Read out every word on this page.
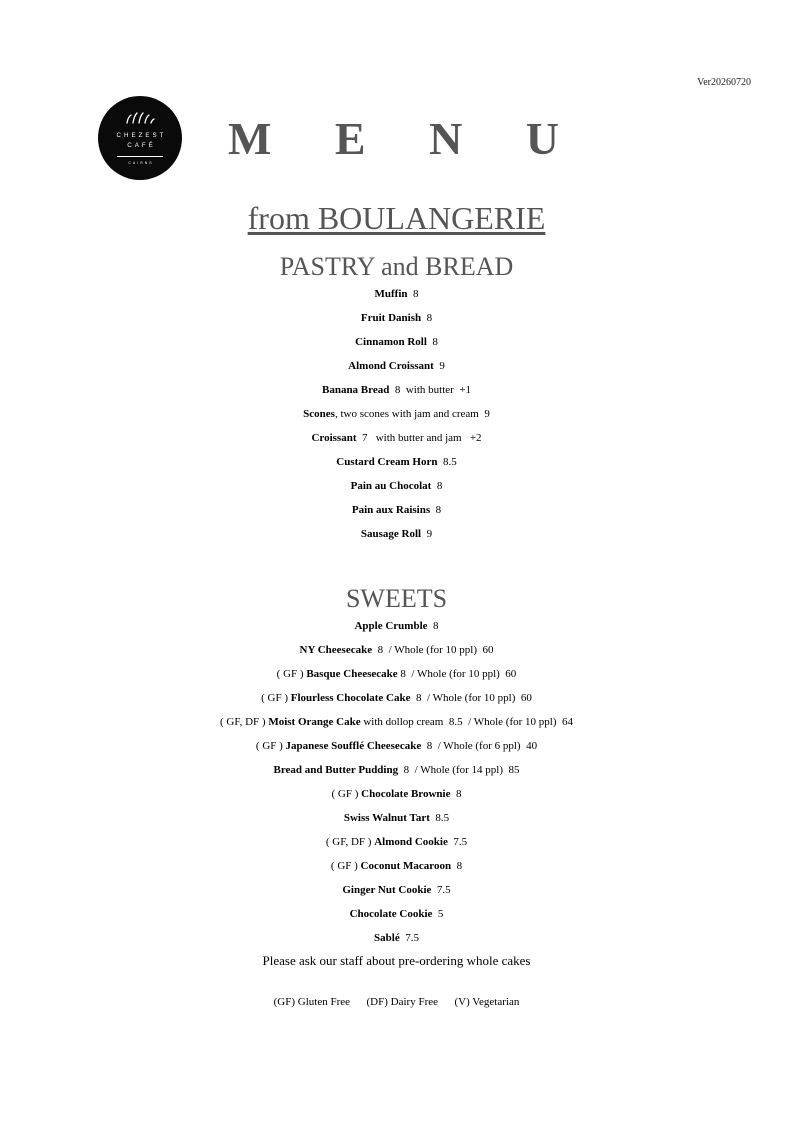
Ver20260720
CHEZEST
CAFÉ
CAIRNS	M E N U
from BOULANGERIE
PASTRY and BREAD
Muffin  8
Fruit Danish  8
Cinnamon Roll  8
Almond Croissant  9
Banana Bread  8  with butter  +1
Scones, two scones with jam and cream  9
Croissant  7   with butter and jam   +2
Custard Cream Horn  8.5
Pain au Chocolat  8
Pain aux Raisins  8
Sausage Roll  9
SWEETS
Apple Crumble  8
NY Cheesecake  8  / Whole (for 10 ppl)  60
( GF ) Basque Cheesecake 8  / Whole (for 10 ppl)  60
( GF ) Flourless Chocolate Cake  8  / Whole (for 10 ppl)  60
( GF, DF ) Moist Orange Cake with dollop cream  8.5  / Whole (for 10 ppl)  64
( GF ) Japanese Soufflé Cheesecake  8  / Whole (for 6 ppl)  40
Bread and Butter Pudding  8  / Whole (for 14 ppl)  85
( GF ) Chocolate Brownie  8
Swiss Walnut Tart  8.5
( GF, DF ) Almond Cookie  7.5
( GF ) Coconut Macaroon  8
Ginger Nut Cookie  7.5
Chocolate Cookie  5
Sablé  7.5
Please ask our staff about pre-ordering whole cakes
(GF) Gluten Free      (DF) Dairy Free      (V) Vegetarian
